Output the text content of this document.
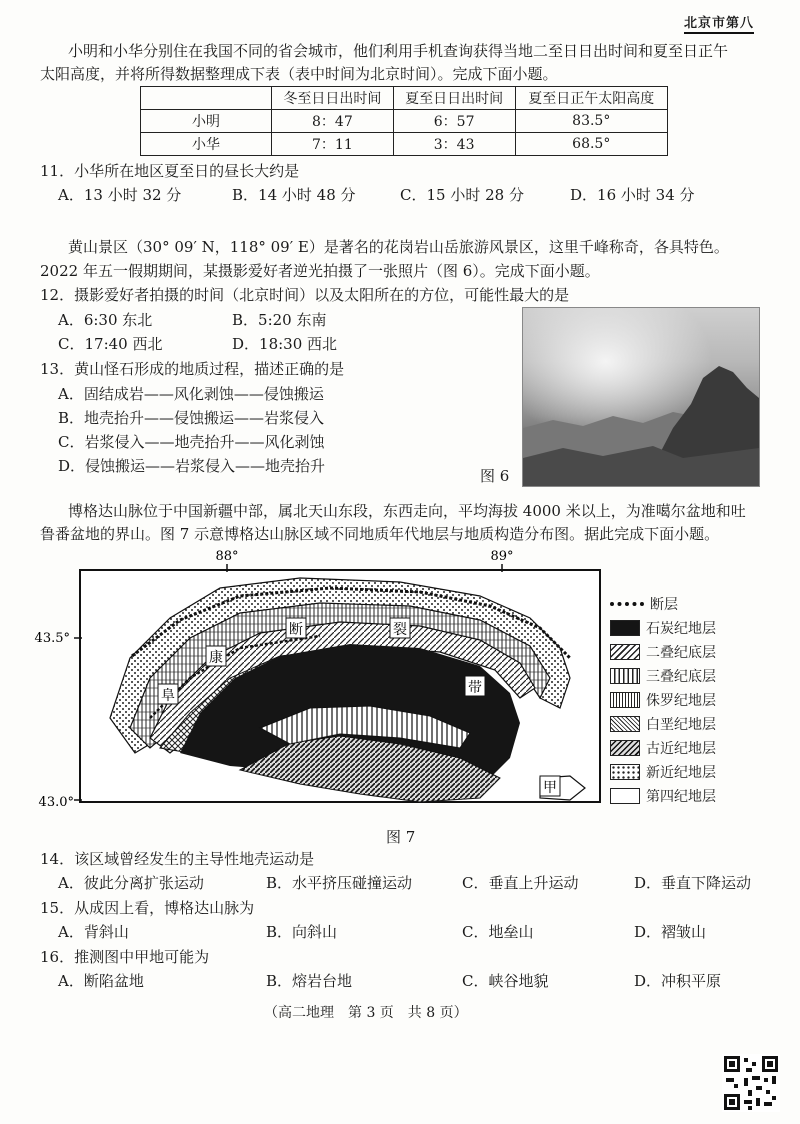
北京市第八
小明和小华分别住在我国不同的省会城市，他们利用手机查询获得当地二至日日出时间和夏至日正午
太阳高度，并将所得数据整理成下表（表中时间为北京时间）。完成下面小题。
	冬至日日出时间	夏至日日出时间	夏至日正午太阳高度
小明	8：47	6：57	83.5°
小华	7：11	3：43	68.5°
11．小华所在地区夏至日的昼长大约是
A．13 小时 32 分	B．14 小时 48 分	C．15 小时 28 分	D．16 小时 34 分
黄山景区（30° 09′ N，118° 09′ E）是著名的花岗岩山岳旅游风景区，这里千峰称奇，各具特色。
2022 年五一假期期间，某摄影爱好者逆光拍摄了一张照片（图 6）。完成下面小题。
12．摄影爱好者拍摄的时间（北京时间）以及太阳所在的方位，可能性最大的是
A．6:30 东北	B．5:20 东南
C．17:40 西北	D．18:30 西北
13．黄山怪石形成的地质过程，描述正确的是
A．固结成岩——风化剥蚀——侵蚀搬运
B．地壳抬升——侵蚀搬运——岩浆侵入
C．岩浆侵入——地壳抬升——风化剥蚀
D．侵蚀搬运——岩浆侵入——地壳抬升
图 6
博格达山脉位于中国新疆中部，属北天山东段，东西走向，平均海拔 4000 米以上，为准噶尔盆地和吐
鲁番盆地的界山。图 7 示意博格达山脉区域不同地质年代地层与地质构造分布图。据此完成下面小题。
断	裂
康
阜	带
甲
88°	89°
43.5°
43.0°
断层
石炭纪地层
二叠纪底层
三叠纪底层
侏罗纪地层
白垩纪地层
古近纪地层
新近纪地层
第四纪地层
图 7
14．该区域曾经发生的主导性地壳运动是
A．彼此分离扩张运动	B．水平挤压碰撞运动	C．垂直上升运动	D．垂直下降运动
15．从成因上看，博格达山脉为
A．背斜山	B．向斜山	C．地垒山	D．褶皱山
16．推测图中甲地可能为
A．断陷盆地	B．熔岩台地	C．峡谷地貌	D．冲积平原
（高二地理　第 3 页　共 8 页）
